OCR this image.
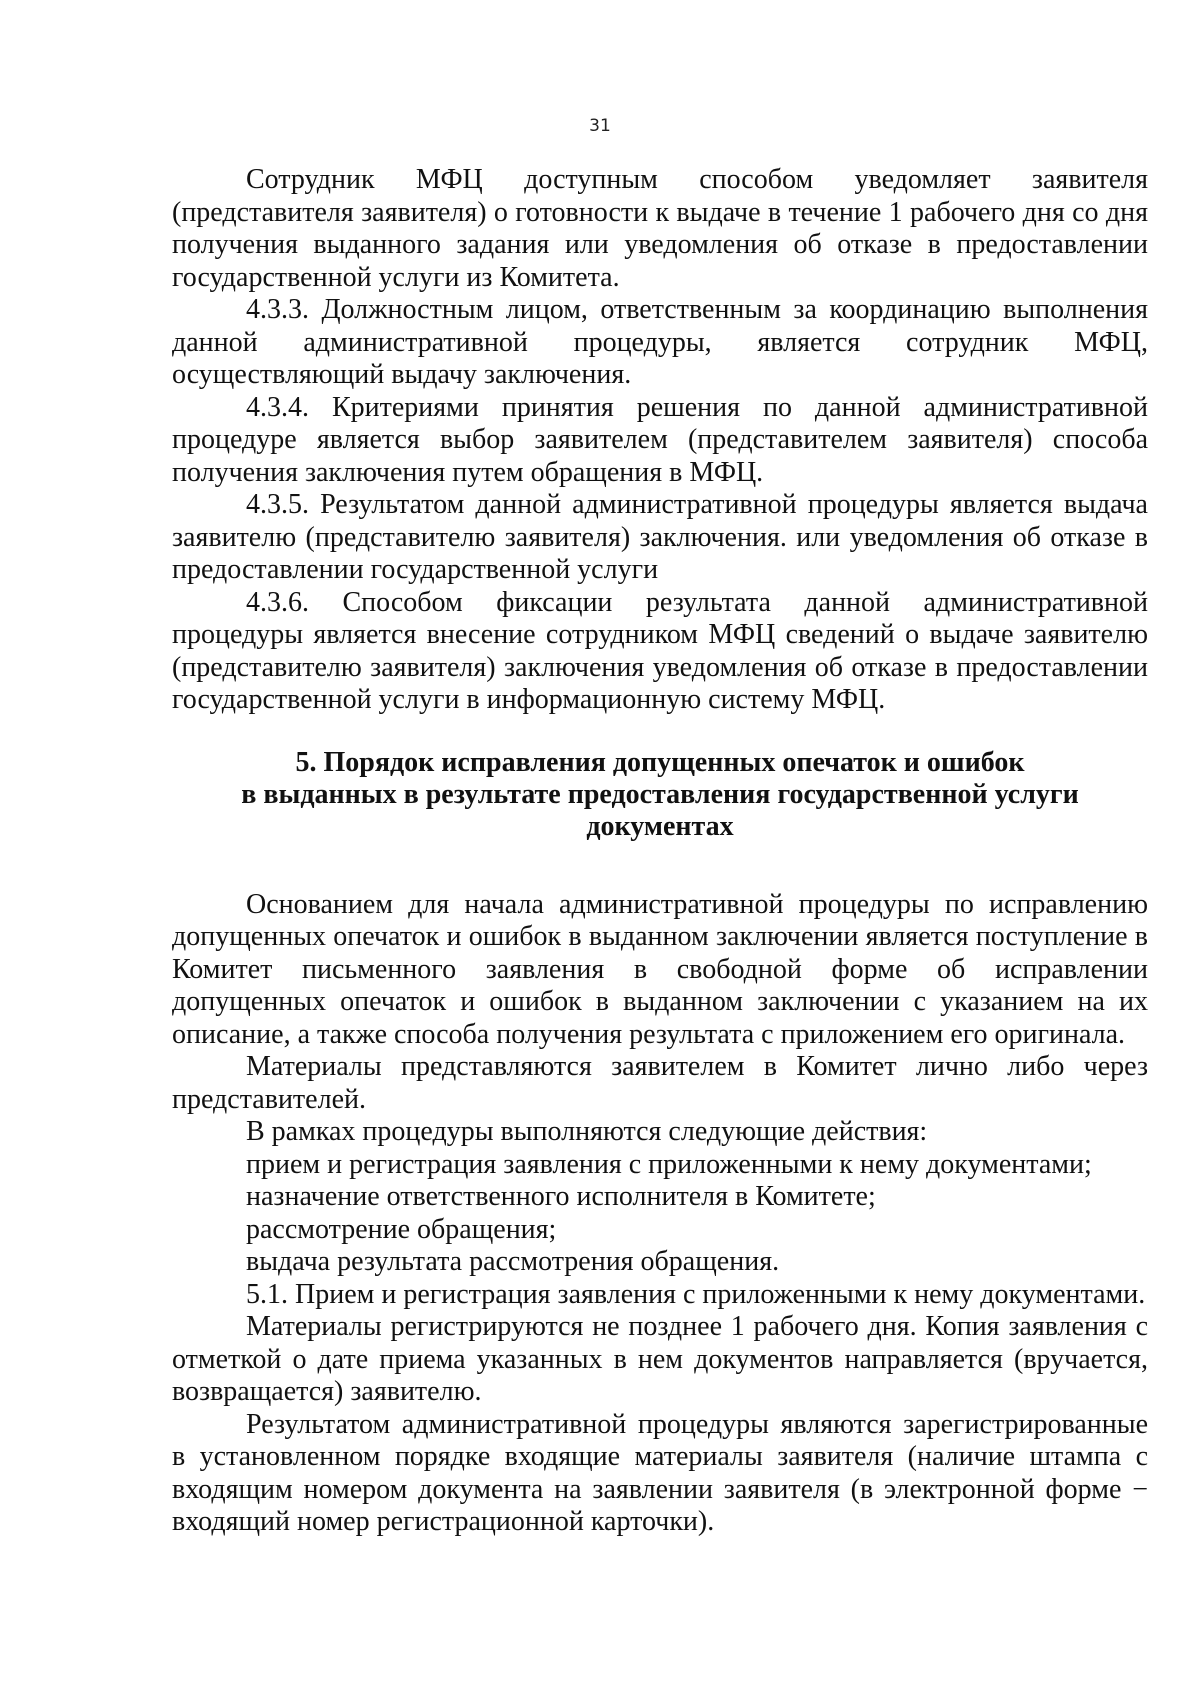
31

Сотрудник МФЦ доступным способом уведомляет заявителя (представителя заявителя) о готовности к выдаче в течение 1 рабочего дня со дня получения выданного задания или уведомления об отказе в предоставлении государственной услуги из Комитета.

4.3.3. Должностным лицом, ответственным за координацию выполнения данной административной процедуры, является сотрудник МФЦ, осуществляющий выдачу заключения.

4.3.4. Критериями принятия решения по данной административной процедуре является выбор заявителем (представителем заявителя) способа получения заключения путем обращения в МФЦ.

4.3.5. Результатом данной административной процедуры является выдача заявителю (представителю заявителя) заключения. или уведомления об отказе в предоставлении государственной услуги

4.3.6. Способом фиксации результата данной административной процедуры является внесение сотрудником МФЦ сведений о выдаче заявителю (представителю заявителя) заключения уведомления об отказе в предоставлении государственной услуги в информационную систему МФЦ.

5. Порядок исправления допущенных опечаток и ошибок
в выданных в результате предоставления государственной услуги
документах

Основанием для начала административной процедуры по исправлению допущенных опечаток и ошибок в выданном заключении является поступление в Комитет письменного заявления в свободной форме об исправлении допущенных опечаток и ошибок в выданном заключении с указанием на их описание, а также способа получения результата с приложением его оригинала.

Материалы представляются заявителем в Комитет лично либо через представителей.

В рамках процедуры выполняются следующие действия:

прием и регистрация заявления с приложенными к нему документами;

назначение ответственного исполнителя в Комитете;

рассмотрение обращения;

выдача результата рассмотрения обращения.

5.1. Прием и регистрация заявления с приложенными к нему документами.

Материалы регистрируются не позднее 1 рабочего дня. Копия заявления с отметкой о дате приема указанных в нем документов направляется (вручается, возвращается) заявителю.

Результатом административной процедуры являются зарегистрированные в установленном порядке входящие материалы заявителя (наличие штампа с входящим номером документа на заявлении заявителя (в электронной форме − входящий номер регистрационной карточки).
